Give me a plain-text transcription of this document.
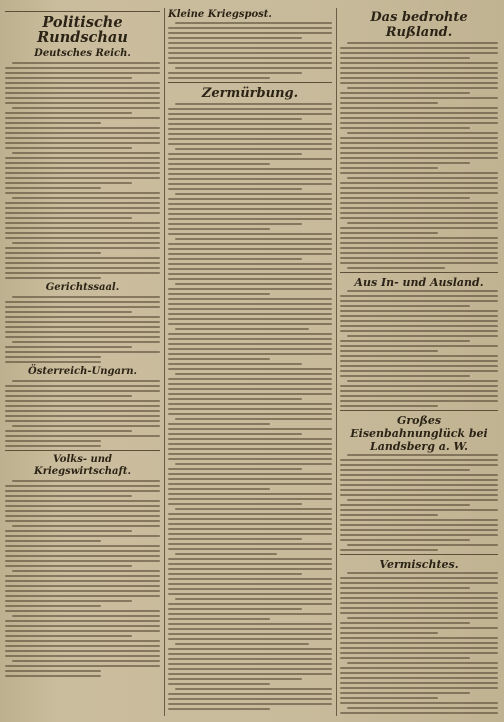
Politische Rundschau
Deutsches Reich.
Gerichtssaal.
Österreich-Ungarn.
Volks- und Kriegswirtschaft.
Kleine Kriegspost.
Zermürbung.
Das bedrohte Rußland.
Aus In- und Ausland.
Großes Eisenbahnunglück bei Landsberg a. W.
Vermischtes.
